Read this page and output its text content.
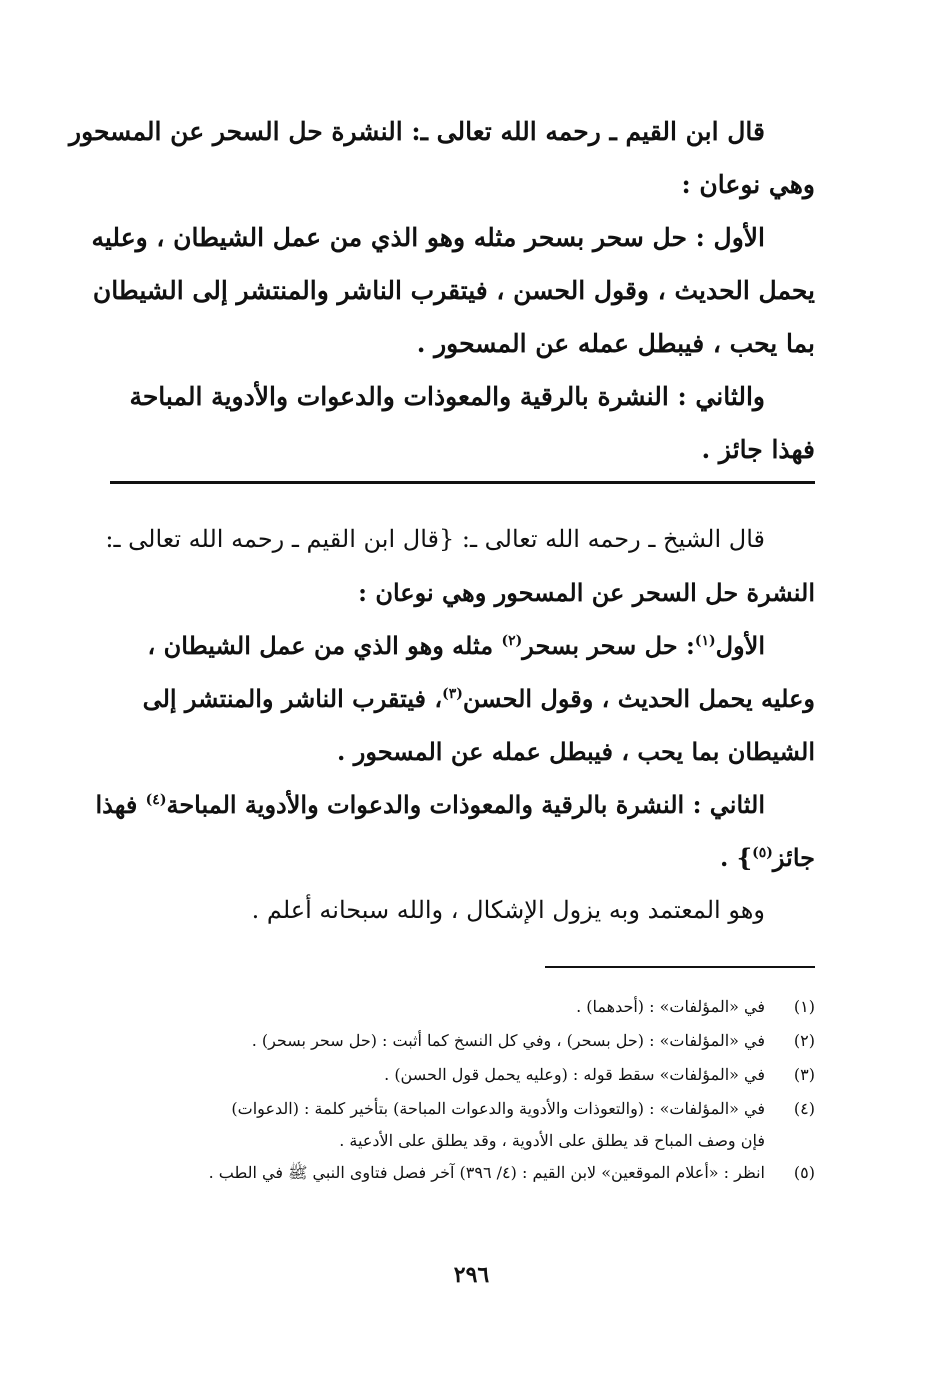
قال ابن القيم ـ رحمه الله تعالى ـ: النشرة حل السحر عن المسحور
وهي نوعان :
الأول : حل سحر بسحر مثله وهو الذي من عمل الشيطان ، وعليه
يحمل الحديث ، وقول الحسن ، فيتقرب الناشر والمنتشر إلى الشيطان
بما يحب ، فيبطل عمله عن المسحور .
والثاني : النشرة بالرقية والمعوذات والدعوات والأدوية المباحة
فهذا جائز .
قال الشيخ ـ رحمه الله تعالى ـ: {قال ابن القيم ـ رحمه الله تعالى ـ:
النشرة حل السحر عن المسحور وهي نوعان :
الأول$^{(١)}$: حل سحر بسحر$^{(٢)}$ مثله وهو الذي من عمل الشيطان ،
وعليه يحمل الحديث ، وقول الحسن$^{(٣)}$، فيتقرب الناشر والمنتشر إلى
الشيطان بما يحب ، فيبطل عمله عن المسحور .
الثاني : النشرة بالرقية والمعوذات والدعوات والأدوية المباحة$^{(٤)}$ فهذا
جائز$^{(٥)}$} .
وهو المعتمد وبه يزول الإشكال ، والله سبحانه أعلم .
(١)
في «المؤلفات» : (أحدهما) .
(٢)
في «المؤلفات» : (حل بسحر) ، وفي كل النسخ كما أثبت : (حل سحر بسحر) .
(٣)
في «المؤلفات» سقط قوله : (وعليه يحمل قول الحسن) .
(٤)
في «المؤلفات» : (والتعوذات والأدوية والدعوات المباحة) بتأخير كلمة : (الدعوات)
فإن وصف المباح قد يطلق على الأدوية ، وقد يطلق على الأدعية .
(٥)
انظر : «أعلام الموقعين» لابن القيم : (٤/ ٣٩٦) آخر فصل فتاوى النبي ﷺ في الطب .
٢٩٦
